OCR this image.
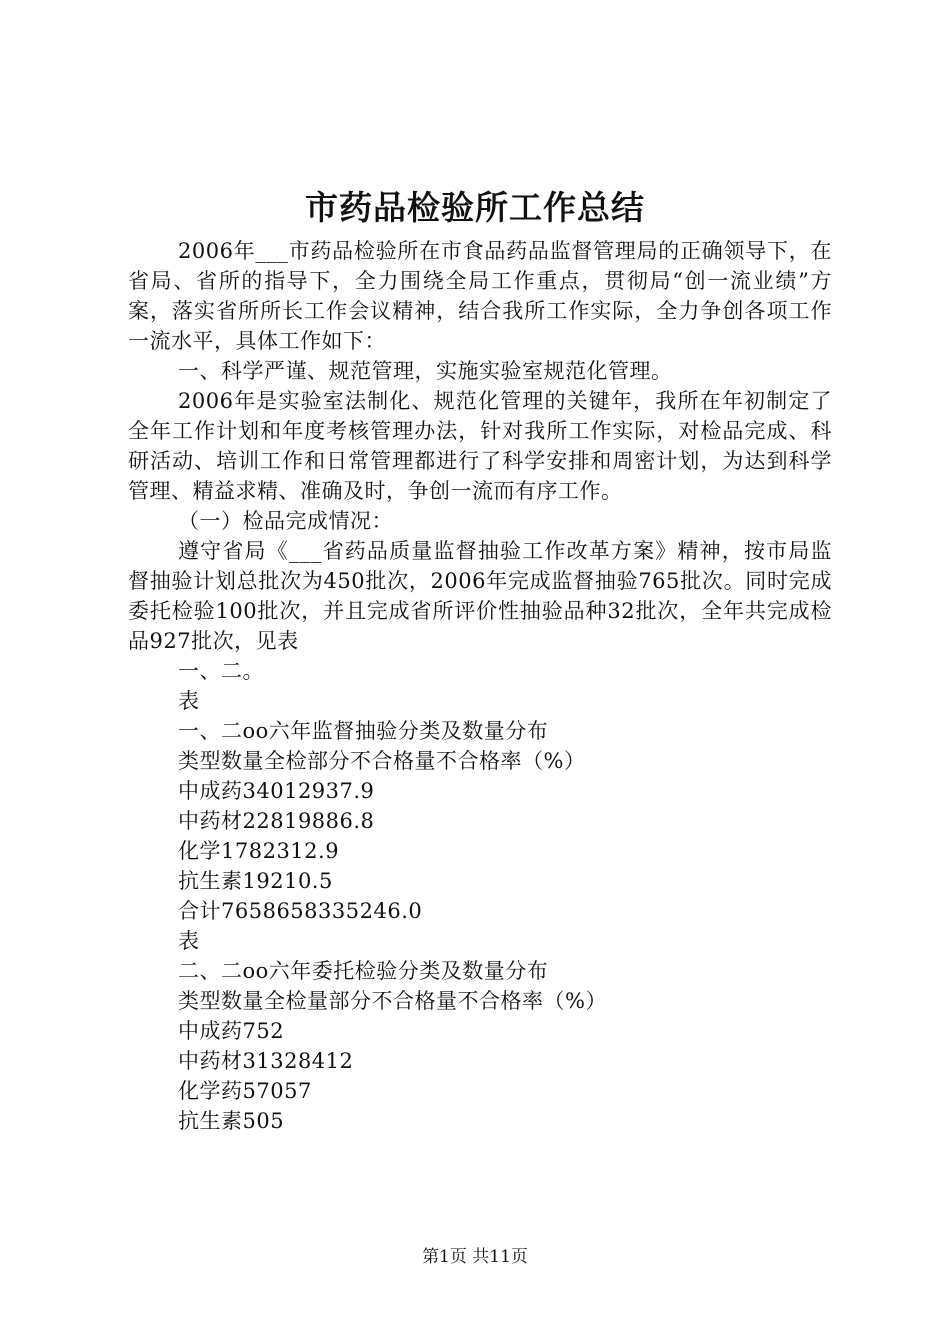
市药品检验所工作总结

2006年___市药品检验所在市食品药品监督管理局的正确领导下，在省局、省所的指导下，全力围绕全局工作重点，贯彻局“创一流业绩”方案，落实省所所长工作会议精神，结合我所工作实际，全力争创各项工作一流水平，具体工作如下：

一、科学严谨、规范管理，实施实验室规范化管理。

2006年是实验室法制化、规范化管理的关键年，我所在年初制定了全年工作计划和年度考核管理办法，针对我所工作实际，对检品完成、科研活动、培训工作和日常管理都进行了科学安排和周密计划，为达到科学管理、精益求精、准确及时，争创一流而有序工作。

（一）检品完成情况：

遵守省局《___省药品质量监督抽验工作改革方案》精神，按市局监督抽验计划总批次为450批次，2006年完成监督抽验765批次。同时完成委托检验100批次，并且完成省所评价性抽验品种32批次，全年共完成检品927批次，见表

一、二。

表

一、二oo六年监督抽验分类及数量分布

类型数量全检部分不合格量不合格率（%）

中成药34012937.9

中药材22819886.8

化学1782312.9

抗生素19210.5

合计7658658335246.0

表

二、二oo六年委托检验分类及数量分布

类型数量全检量部分不合格量不合格率（%）

中成药752

中药材31328412

化学药57057

抗生素505

第1页 共11页
